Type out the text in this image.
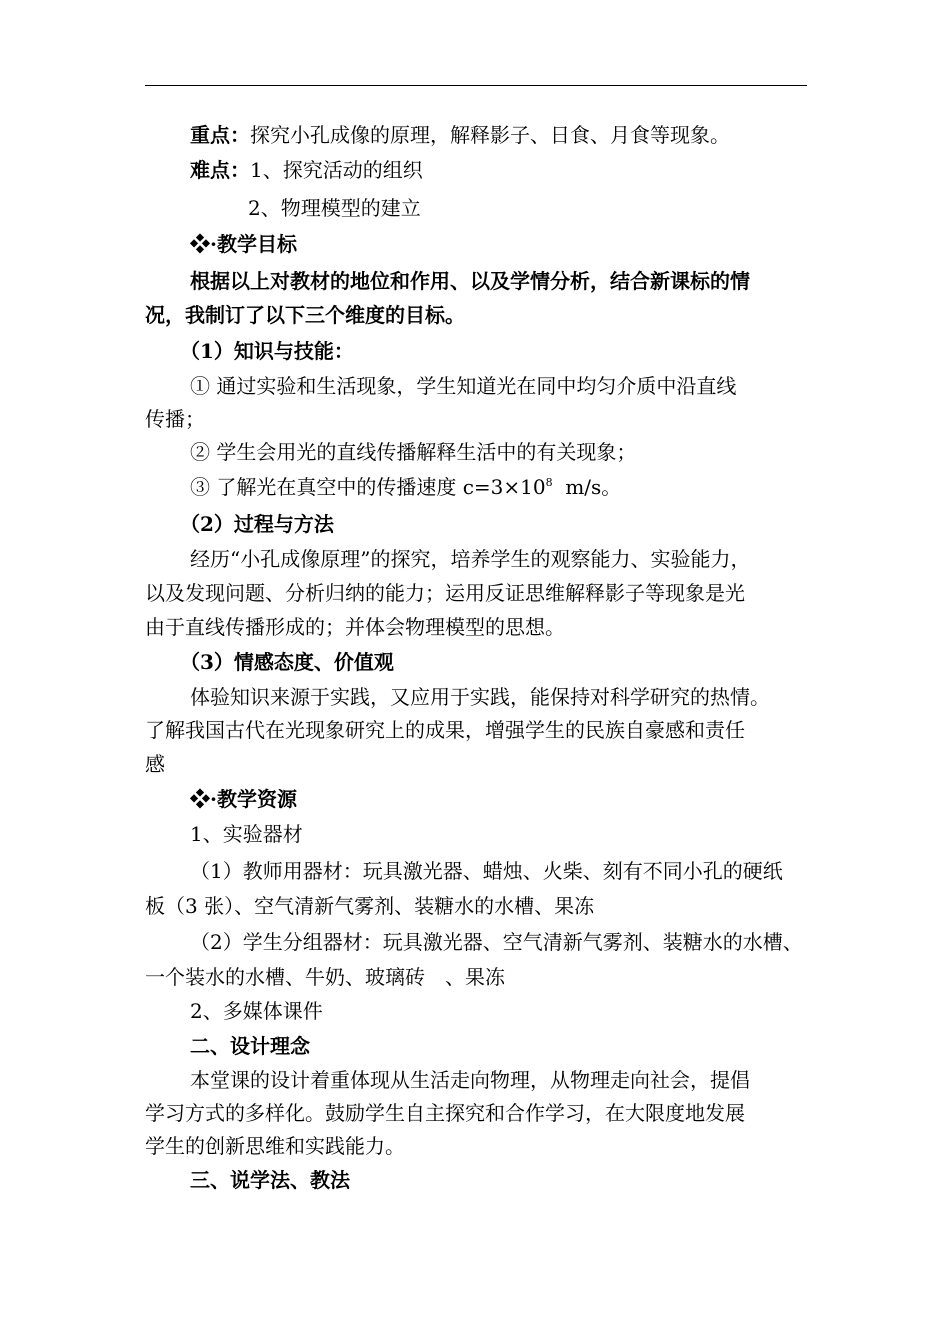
重点：探究小孔成像的原理，解释影子、日食、月食等现象。
难点：1、探究活动的组织
2、物理模型的建立
❖·教学目标
根据以上对教材的地位和作用、以及学情分析，结合新课标的情
况，我制订了以下三个维度的目标。
（1）知识与技能：
① 通过实验和生活现象，学生知道光在同中均匀介质中沿直线
传播；
② 学生会用光的直线传播解释生活中的有关现象；
③ 了解光在真空中的传播速度 $c=3\times 10^8$  m/s。
（2）过程与方法
经历“小孔成像原理”的探究，培养学生的观察能力、实验能力，
以及发现问题、分析归纳的能力；运用反证思维解释影子等现象是光
由于直线传播形成的；并体会物理模型的思想。
（3）情感态度、价值观
体验知识来源于实践，又应用于实践，能保持对科学研究的热情。
了解我国古代在光现象研究上的成果，增强学生的民族自豪感和责任
感
❖·教学资源
1、实验器材
（1）教师用器材：玩具激光器、蜡烛、火柴、刻有不同小孔的硬纸
板（3 张）、空气清新气雾剂、装糖水的水槽、果冻
（2）学生分组器材：玩具激光器、空气清新气雾剂、装糖水的水槽、
一个装水的水槽、牛奶、玻璃砖　、果冻
2、多媒体课件
二、设计理念
本堂课的设计着重体现从生活走向物理，从物理走向社会，提倡
学习方式的多样化。鼓励学生自主探究和合作学习，在大限度地发展
学生的创新思维和实践能力。
三、说学法、教法
